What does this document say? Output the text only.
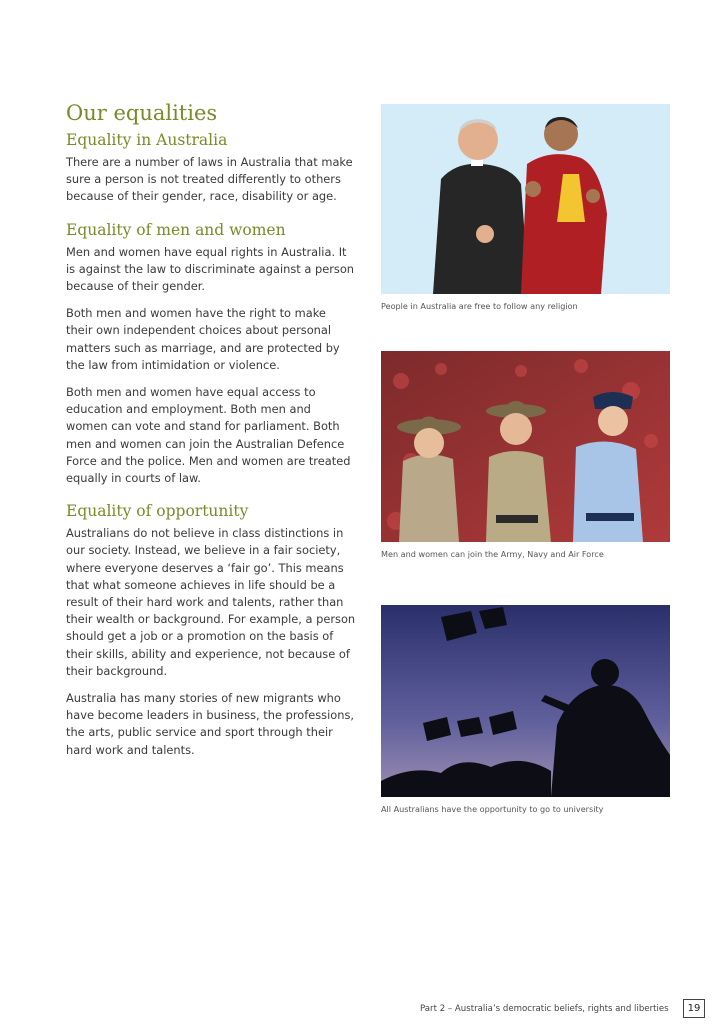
Our equalities
Equality in Australia

There are a number of laws in Australia that make sure a person is not treated differently to others because of their gender, race, disability or age.

Equality of men and women

Men and women have equal rights in Australia. It is against the law to discriminate against a person because of their gender.

Both men and women have the right to make their own independent choices about personal matters such as marriage, and are protected by the law from intimidation or violence.

Both men and women have equal access to education and employment. Both men and women can vote and stand for parliament. Both men and women can join the Australian Defence Force and the police. Men and women are treated equally in courts of law.

Equality of opportunity

Australians do not believe in class distinctions in our society. Instead, we believe in a fair society, where everyone deserves a ‘fair go’. This means that what someone achieves in life should be a result of their hard work and talents, rather than their wealth or background. For example, a person should get a job or a promotion on the basis of their skills, ability and experience, not because of their background.

Australia has many stories of new migrants who have become leaders in business, the professions, the arts, public service and sport through their hard work and talents.

People in Australia are free to follow any religion
Men and women can join the Army, Navy and Air Force
All Australians have the opportunity to go to university
Part 2 – Australia’s democratic beliefs, rights and liberties	19
